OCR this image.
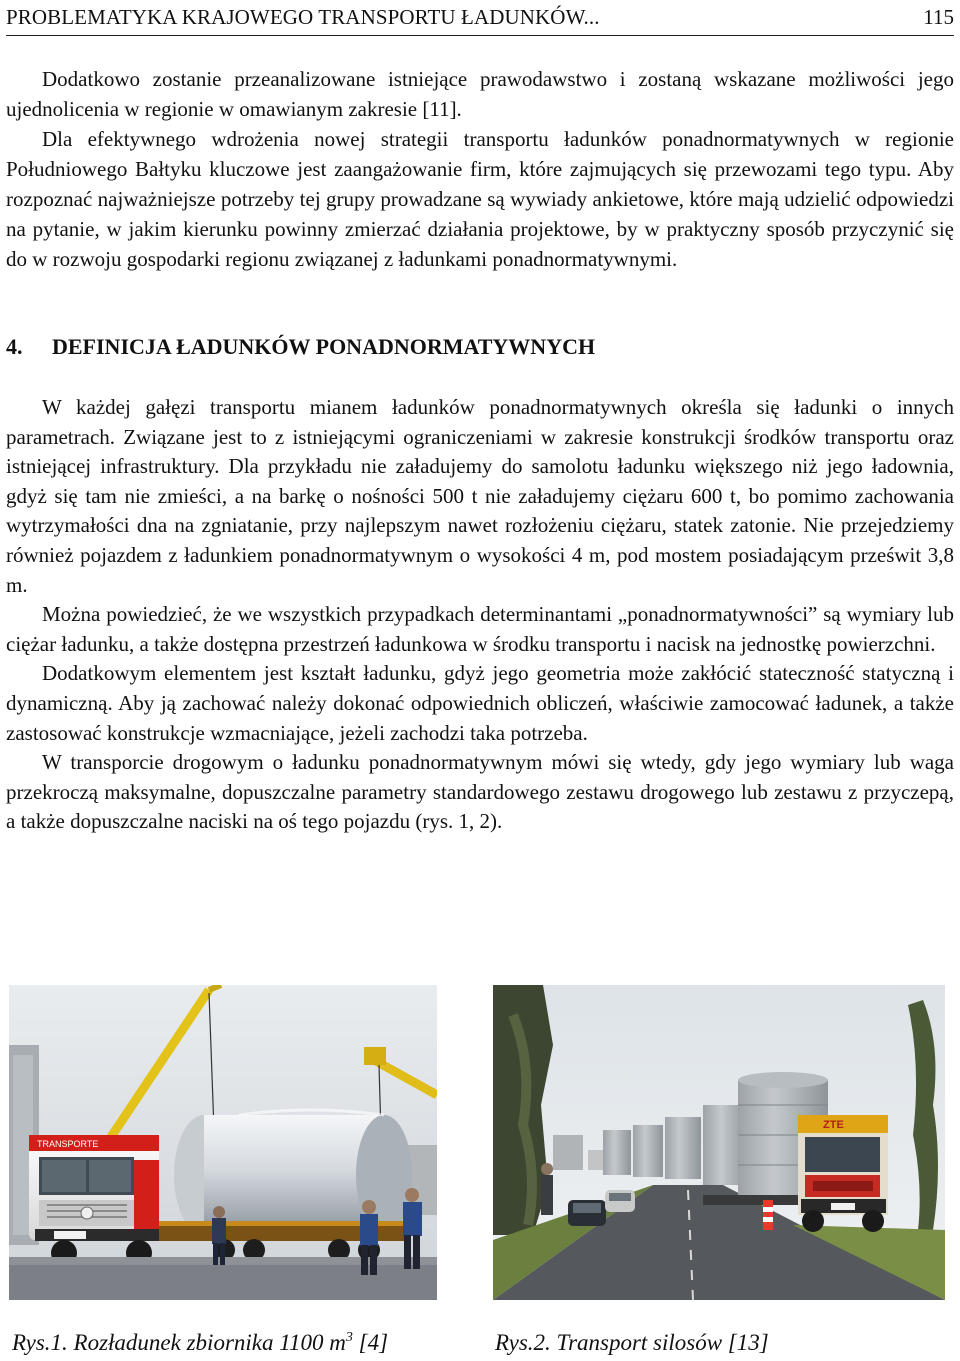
PROBLEMATYKA KRAJOWEGO TRANSPORTU ŁADUNKÓW...	115

Dodatkowo zostanie przeanalizowane istniejące prawodawstwo i zostaną wskazane możliwości jego ujednolicenia w regionie w omawianym zakresie [11].

Dla efektywnego wdrożenia nowej strategii transportu ładunków ponadnormatywnych w regionie Południowego Bałtyku kluczowe jest zaangażowanie firm, które zajmujących się przewozami tego typu. Aby rozpoznać najważniejsze potrzeby tej grupy prowadzane są wywiady ankietowe, które mają udzielić odpowiedzi na pytanie, w jakim kierunku powinny zmierzać działania projektowe, by w praktyczny sposób przyczynić się do w rozwoju gospodarki regionu związanej z ładunkami ponadnormatywnymi.

4. DEFINICJA ŁADUNKÓW PONADNORMATYWNYCH

W każdej gałęzi transportu mianem ładunków ponadnormatywnych określa się ładunki o innych parametrach. Związane jest to z istniejącymi ograniczeniami w zakresie konstrukcji środków transportu oraz istniejącej infrastruktury. Dla przykładu nie załadujemy do samolotu ładunku większego niż jego ładownia, gdyż się tam nie zmieści, a na barkę o nośności 500 t nie załadujemy ciężaru 600 t, bo pomimo zachowania wytrzymałości dna na zgniatanie, przy najlepszym nawet rozłożeniu ciężaru, statek zatonie. Nie przejedziemy również pojazdem z ładunkiem ponadnormatywnym o wysokości 4 m, pod mostem posiadającym prześwit 3,8 m.

Można powiedzieć, że we wszystkich przypadkach determinantami „ponadnormatywności” są wymiary lub ciężar ładunku, a także dostępna przestrzeń ładunkowa w środku transportu i nacisk na jednostkę powierzchni.

Dodatkowym elementem jest kształt ładunku, gdyż jego geometria może zakłócić stateczność statyczną i dynamiczną. Aby ją zachować należy dokonać odpowiednich obliczeń, właściwie zamocować ładunek, a także zastosować konstrukcje wzmacniające, jeżeli zachodzi taka potrzeba.

W transporcie drogowym o ładunku ponadnormatywnym mówi się wtedy, gdy jego wymiary lub waga przekroczą maksymalne, dopuszczalne parametry standardowego zestawu drogowego lub zestawu z przyczepą, a także dopuszczalne naciski na oś tego pojazdu (rys. 1, 2).

TRANSPORTE
ZTE
Rys.1. Rozładunek zbiornika 1100 $m^3$ [4]	Rys.2. Transport silosów [13]
